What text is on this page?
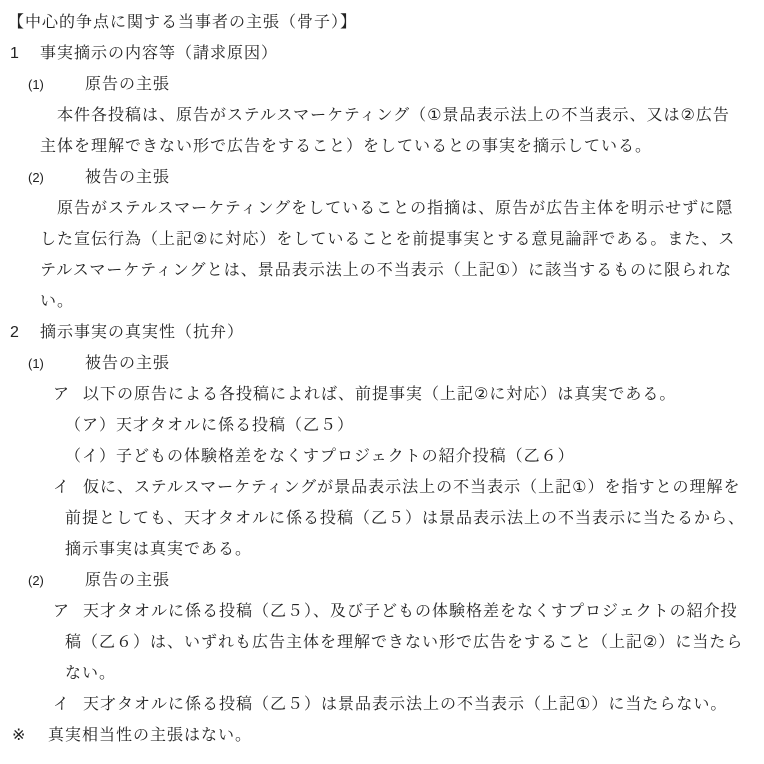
【中心的争点に関する当事者の主張（骨子）】
1 事実摘示の内容等（請求原因）
(1)	原告の主張
本件各投稿は、原告がステルスマーケティング（①景品表示法上の不当表示、又は②広告
主体を理解できない形で広告をすること）をしているとの事実を摘示している。
(2)	被告の主張
原告がステルスマーケティングをしていることの指摘は、原告が広告主体を明示せずに隠
した宣伝行為（上記②に対応）をしていることを前提事実とする意見論評である。また、ス
テルスマーケティングとは、景品表示法上の不当表示（上記①）に該当するものに限られな
い。
2 摘示事実の真実性（抗弁）
(1)	被告の主張
ア 以下の原告による各投稿によれば、前提事実（上記②に対応）は真実である。
（ア）天才タオルに係る投稿（乙５）
（イ）子どもの体験格差をなくすプロジェクトの紹介投稿（乙６）
イ 仮に、ステルスマーケティングが景品表示法上の不当表示（上記①）を指すとの理解を
前提としても、天才タオルに係る投稿（乙５）は景品表示法上の不当表示に当たるから、
摘示事実は真実である。
(2)	原告の主張
ア 天才タオルに係る投稿（乙５）、及び子どもの体験格差をなくすプロジェクトの紹介投
稿（乙６）は、いずれも広告主体を理解できない形で広告をすること（上記②）に当たら
ない。
イ 天才タオルに係る投稿（乙５）は景品表示法上の不当表示（上記①）に当たらない。
※ 真実相当性の主張はない。
